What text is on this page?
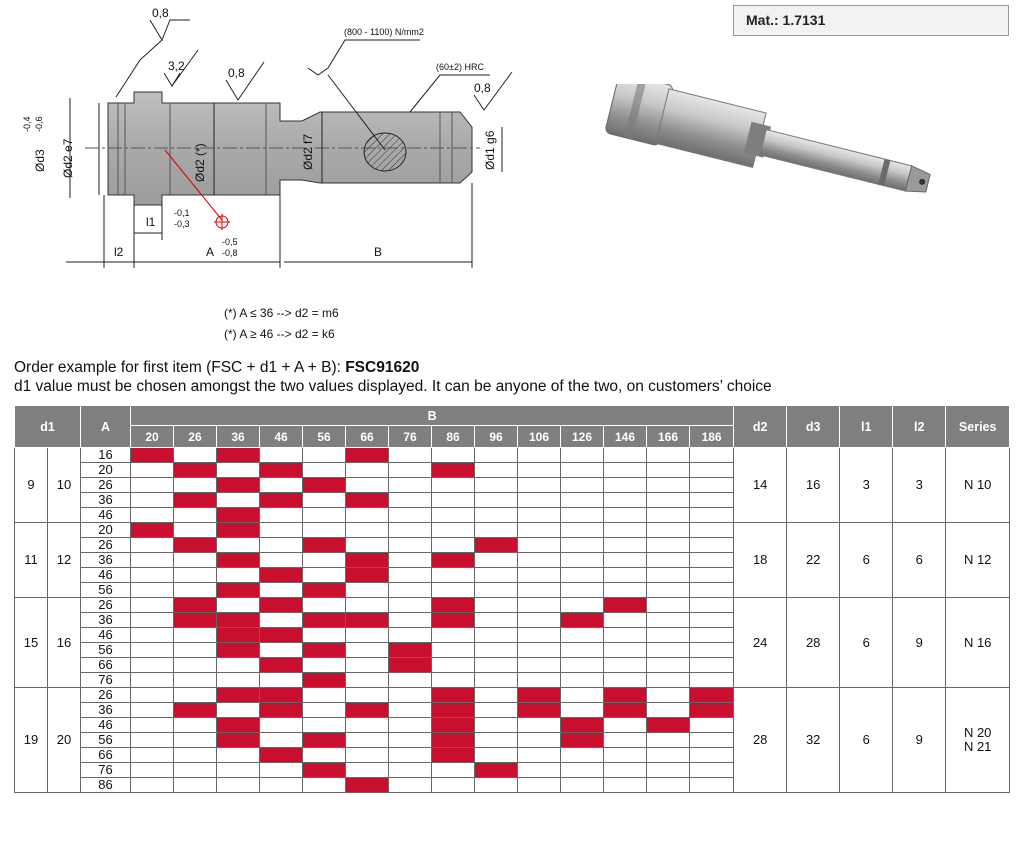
0,8
3,2	0,8
0,8
(800 - 1100) N/mm2
(60±2) HRC
Ød3
-0,4 -0,6
Ød2 e7	Ød2 (*)	Ød2 f7	Ød1 g6
l1
-0,1
-0,3
l2	A
-0,5
-0,8	B
Mat.: 1.7131
(*) A ≤ 36 --> d2 = m6
(*) A ≥ 46 --> d2 = k6
Order example for first item (FSC + d1 + A + B): FSC91620
d1 value must be chosen amongst the two values displayed. It can be anyone of the two, on customers’ choice
d1		A	B														d2	d3	l1	l2	Series
			20	26	36	46	56	66	76	86	96	106	126	146	166	186					
9	10	16															14	16	3	3	N 10

		20																			
		26																			
		36																			
		46																			
11	12	20															18	22	6	6	N 12

		26																			
		36																			
		46																			
		56																			
15	16	26															24	28	6	9	N 16

		36																			
		46																			
		56																			
		66																			
		76																			
19	20	26															28	32	6	9	N 20
N 21

		36																			
		46																			
		56																			
		66																			
		76																			
		86																			
